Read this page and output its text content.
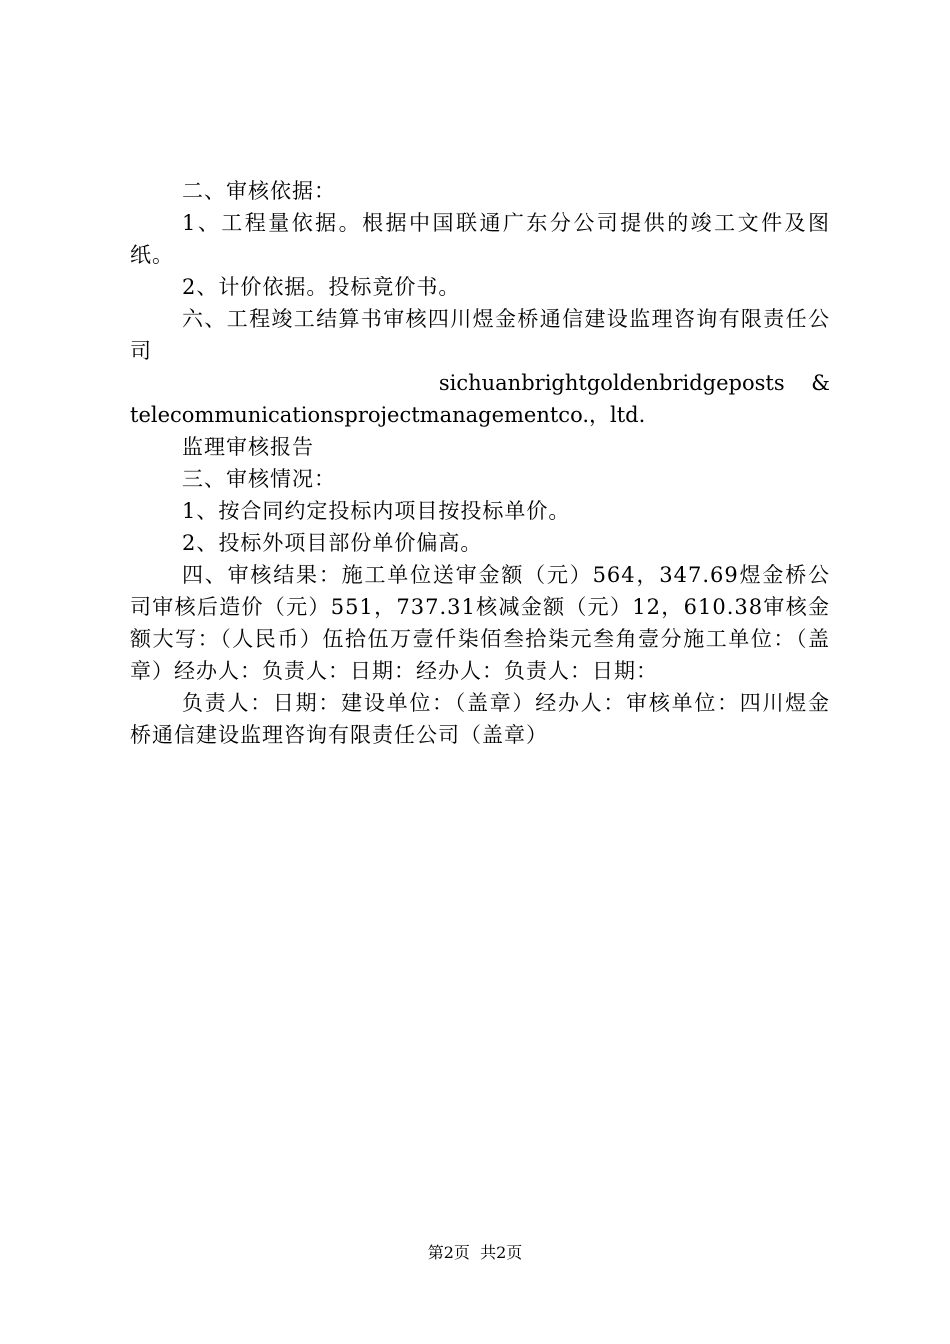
二、审核依据：

1、工程量依据。根据中国联通广东分公司提供的竣工文件及图纸。

2、计价依据。投标竟价书。

六、工程竣工结算书审核四川煜金桥通信建设监理咨询有限责任公司

sichuanbrightgoldenbridgeposts    &
telecommunicationsprojectmanagementco.，ltd.

监理审核报告

三、审核情况：

1、按合同约定投标内项目按投标单价。

2、投标外项目部份单价偏高。

四、审核结果：施工单位送审金额（元）564，347.69煜金桥公司审核后造价（元）551，737.31核减金额（元）12，610.38审核金额大写：（人民币）伍拾伍万壹仟柒佰叁拾柒元叁角壹分施工单位：（盖章）经办人：负责人：日期：经办人：负责人：日期：

负责人：日期：建设单位：（盖章）经办人：审核单位：四川煜金桥通信建设监理咨询有限责任公司（盖章）

第2页  共2页
